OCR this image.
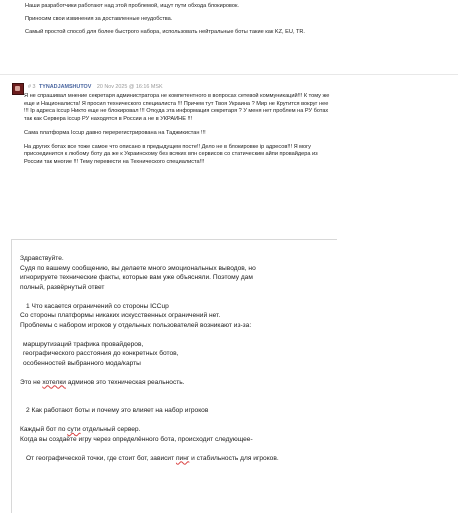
Наши разработчики работают над этой проблемой, ищут пути обхода блокировок.

Приносим свои извинения за доставленные неудобства.

Самый простой способ для более быстрого набора, использовать нейтральные боты такие как KZ, EU, TR.

# 3 TYNADJAMSHUTOV 20 Nov 2025 @ 16:16 MSK

Я не спрашивал мнение секретаря администратора не компетентного в вопросах сетевой коммуникаций!!! К тому же еще и Националиста! Я просил технического специалиста !!! Причем тут Твоя Украина ? Мир не Крутится вокруг нее !!! Ip адреса iccup Никто еще не блокировал !!! Откуда эта информация секретаря ? У меня нет проблем на РУ ботах так как Сервера iccup РУ находятся в России а не в УКРАИНЕ !!!

Сама платформа Iccup давно перерегистрирована на Таджикистан !!!

На других ботах все тоже самое что описано в предыдущем посте!! Дело не в блокировке ip адресов!!! Я могу присоединится к любому боту да же к Украинскому без всяких впн сервисов со статическим айпи провайдера из России так многие !!! Тему перевести на Технического специалиста!!!

Здравствуйте.
Судя по вашему сообщению, вы делаете много эмоциональных выводов, но
игнорируете технические факты, которые вам уже объясняли. Поэтому дам
полный, развёрнутый ответ
1 Что касается ограничений со стороны ICCup
Со стороны платформы никаких искусственных ограничений нет.
Проблемы с набором игроков у отдельных пользователей возникают из-за:
маршрутизаций трафика провайдеров,
географического расстояния до конкретных ботов,
особенностей выбранного мода/карты
Это не хотелки админов это техническая реальность.
2 Как работают боты и почему это влияет на набор игроков
Каждый бот по сути отдельный сервер.
Когда вы создаёте игру через определённого бота, происходит следующее-
От географической точки, где стоит бот, зависит пинг и стабильность для игроков.
